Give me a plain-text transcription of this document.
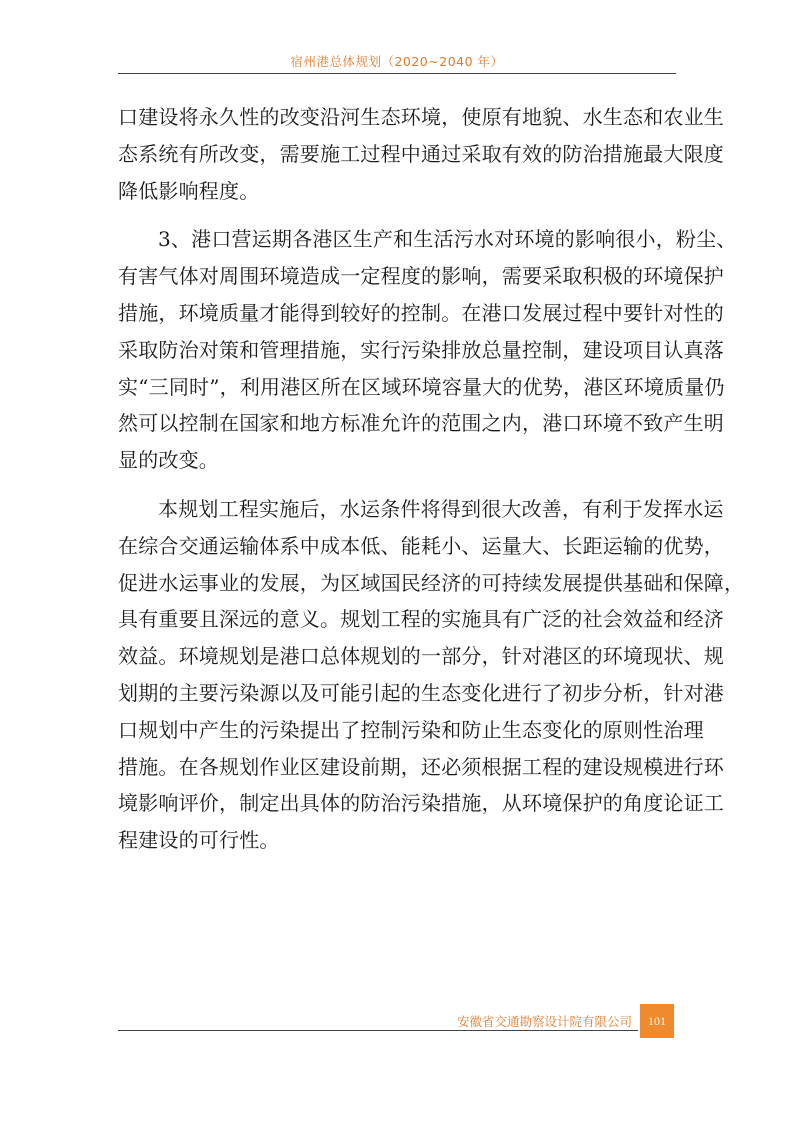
宿州港总体规划（2020~2040 年）
口建设将永久性的改变沿河生态环境，使原有地貌、水生态和农业生
态系统有所改变，需要施工过程中通过采取有效的防治措施最大限度
降低影响程度。
3、港口营运期各港区生产和生活污水对环境的影响很小，粉尘、
有害气体对周围环境造成一定程度的影响，需要采取积极的环境保护
措施，环境质量才能得到较好的控制。在港口发展过程中要针对性的
采取防治对策和管理措施，实行污染排放总量控制，建设项目认真落
实“三同时”，利用港区所在区域环境容量大的优势，港区环境质量仍
然可以控制在国家和地方标准允许的范围之内，港口环境不致产生明
显的改变。
本规划工程实施后，水运条件将得到很大改善，有利于发挥水运
在综合交通运输体系中成本低、能耗小、运量大、长距运输的优势，
促进水运事业的发展，为区域国民经济的可持续发展提供基础和保障，
具有重要且深远的意义。规划工程的实施具有广泛的社会效益和经济
效益。环境规划是港口总体规划的一部分，针对港区的环境现状、规
划期的主要污染源以及可能引起的生态变化进行了初步分析，针对港
口规划中产生的污染提出了控制污染和防止生态变化的原则性治理
措施。在各规划作业区建设前期，还必须根据工程的建设规模进行环
境影响评价，制定出具体的防治污染措施，从环境保护的角度论证工
程建设的可行性。
安徽省交通勘察设计院有限公司 101
